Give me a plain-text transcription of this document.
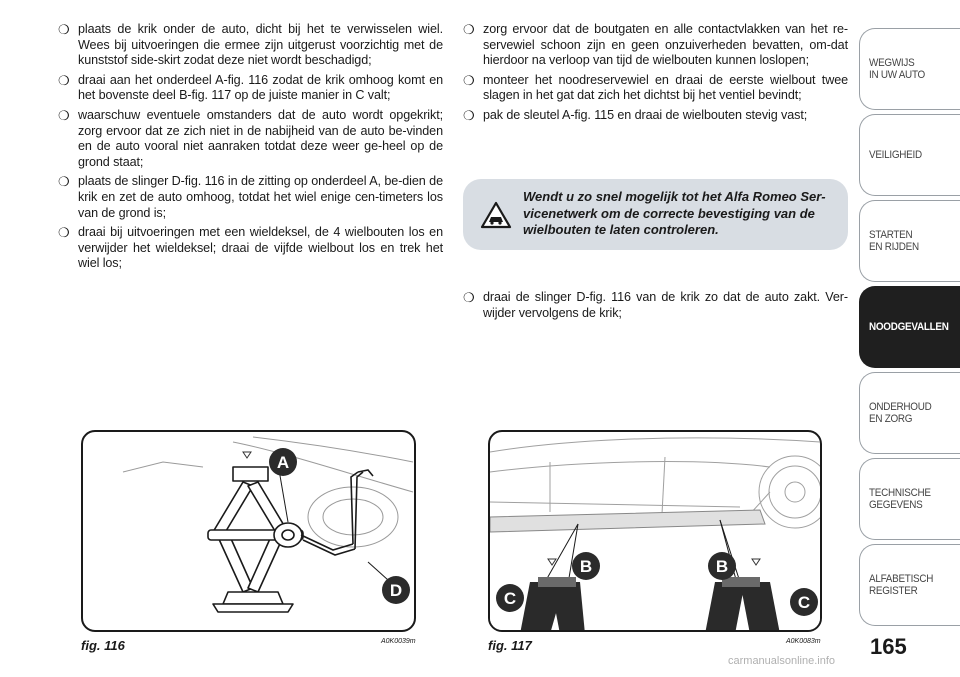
❍ plaats de krik onder de auto, dicht bij het te verwisselen wiel. Wees bij uitvoeringen die ermee zijn uitgerust voorzichtig met de kunststof side-skirt zodat deze niet wordt beschadigd;
❍ draai aan het onderdeel A-fig. 116 zodat de krik omhoog komt en het bovenste deel B-fig. 117 op de juiste manier in C valt;
❍ waarschuw eventuele omstanders dat de auto wordt opgekrikt; zorg ervoor dat ze zich niet in de nabijheid van de auto be-vinden en de auto vooral niet aanraken totdat deze weer ge-heel op de grond staat;
❍ plaats de slinger D-fig. 116 in de zitting op onderdeel A, be-dien de krik en zet de auto omhoog, totdat het wiel enige cen-timeters los van de grond is;
❍ draai bij uitvoeringen met een wieldeksel, de 4 wielbouten los en verwijder het wieldeksel; draai de vijfde wielbout los en trek het wiel los;
❍ zorg ervoor dat de boutgaten en alle contactvlakken van het re-servewiel schoon zijn en geen onzuiverheden bevatten, om-dat hierdoor na verloop van tijd de wielbouten kunnen loslopen;
❍ monteer het noodreservewiel en draai de eerste wielbout twee slagen in het gat dat zich het dichtst bij het ventiel bevindt;
❍ pak de sleutel A-fig. 115 en draai de wielbouten stevig vast;
Wendt u zo snel mogelijk tot het Alfa Romeo Ser-vicenetwerk om de correcte bevestiging van de wielbouten te laten controleren.
❍ draai de slinger D-fig. 116 van de krik zo dat de auto zakt. Ver-wijder vervolgens de krik;
A
D
fig. 116	A0K0039m
B
C
B
C
fig. 117	A0K0083m 165
WEGWIJS
IN UW AUTO
VEILIGHEID
STARTEN
EN RIJDEN
NOODGEVALLEN
ONDERHOUD
EN ZORG
TECHNISCHE
GEGEVENS
ALFABETISCH
REGISTER
carmanualsonline.info
